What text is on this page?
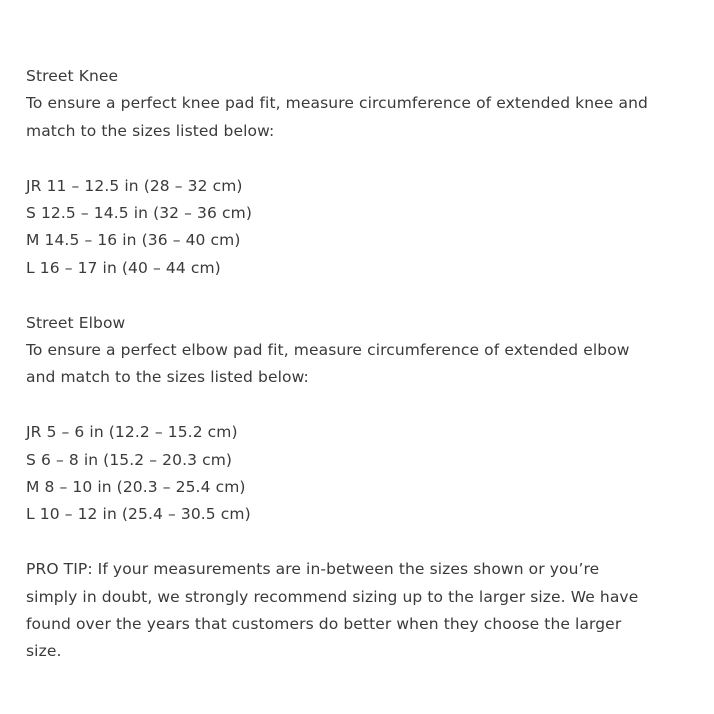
Street Knee
To ensure a perfect knee pad fit, measure circumference of extended knee and
match to the sizes listed below:
JR 11 – 12.5 in (28 – 32 cm)
S 12.5 – 14.5 in (32 – 36 cm)
M 14.5 – 16 in (36 – 40 cm)
L 16 – 17 in (40 – 44 cm)
Street Elbow
To ensure a perfect elbow pad fit, measure circumference of extended elbow
and match to the sizes listed below:
JR 5 – 6 in (12.2 – 15.2 cm)
S 6 – 8 in (15.2 – 20.3 cm)
M 8 – 10 in (20.3 – 25.4 cm)
L 10 – 12 in (25.4 – 30.5 cm)
PRO TIP: If your measurements are in-between the sizes shown or you’re
simply in doubt, we strongly recommend sizing up to the larger size. We have
found over the years that customers do better when they choose the larger
size.
